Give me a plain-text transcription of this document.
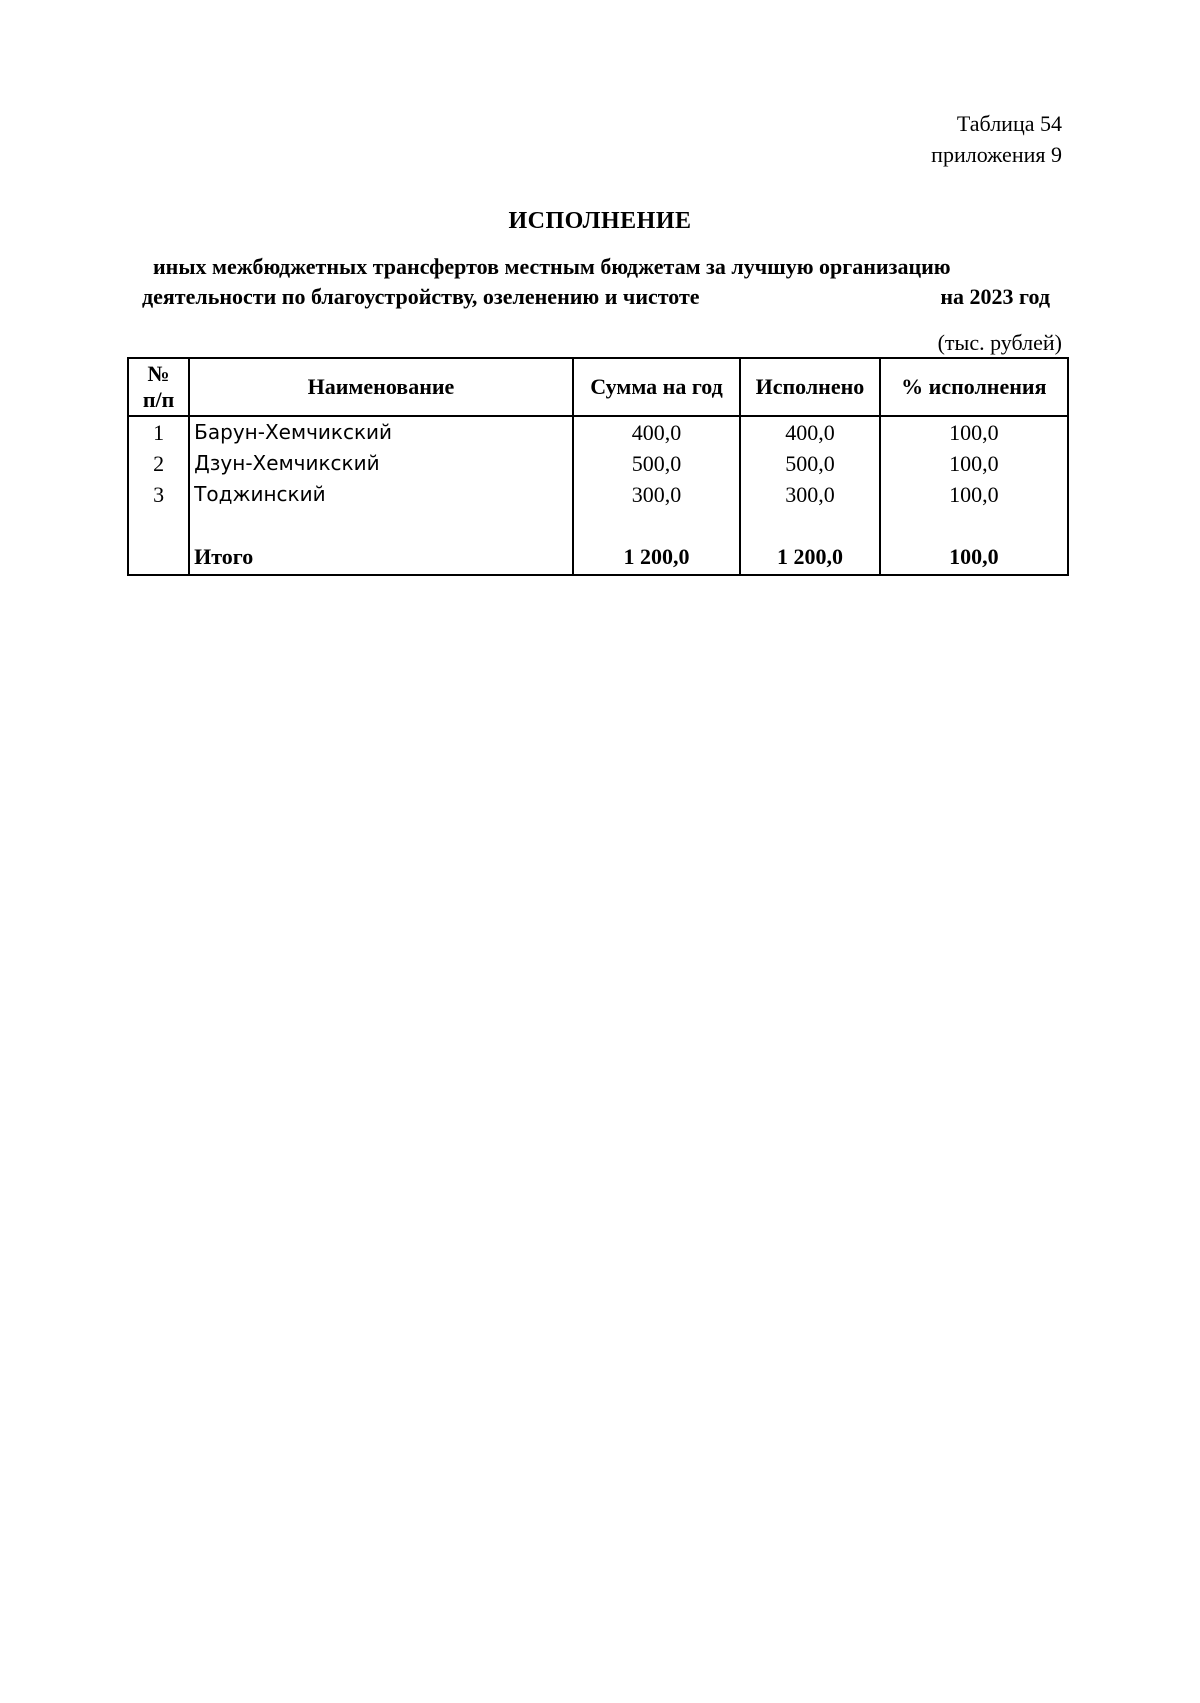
Таблица 54
приложения 9
ИСПОЛНЕНИЕ
иных межбюджетных трансфертов местным бюджетам за лучшую организацию
деятельности по благоустройству, озеленению и чистоте	на 2023 год
(тыс. рублей)
№
п/п	Наименование	Сумма на год	Исполнено	% исполнения
1	Барун-Хемчикский	400,0	400,0	100,0
2	Дзун-Хемчикский	500,0	500,0	100,0
3	Тоджинский	300,0	300,0	100,0

	Итого	1 200,0	1 200,0	100,0
